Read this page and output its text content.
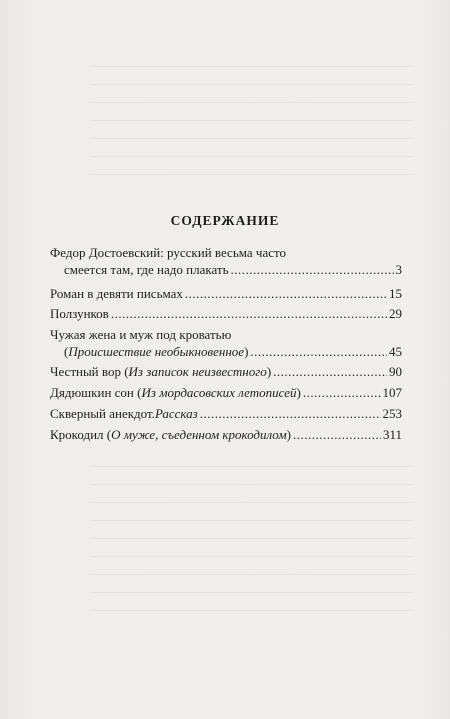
СОДЕРЖАНИЕ
Федор Достоевский: русский весьма часто
смеется там, где надо плакать .....	3
Роман в девяти письмах .....	15
Ползунков .....	29
Чужая жена и муж под кроватью
( Происшествие необыкновенное ) .....	45
Честный вор ( Из записок неизвестного ) .....	90
Дядюшкин сон ( Из мордасовских летописей ) .....	107
Скверный анекдот. Рассказ .....	253
Крокодил ( О муже, съеденном крокодилом ) .....	311
